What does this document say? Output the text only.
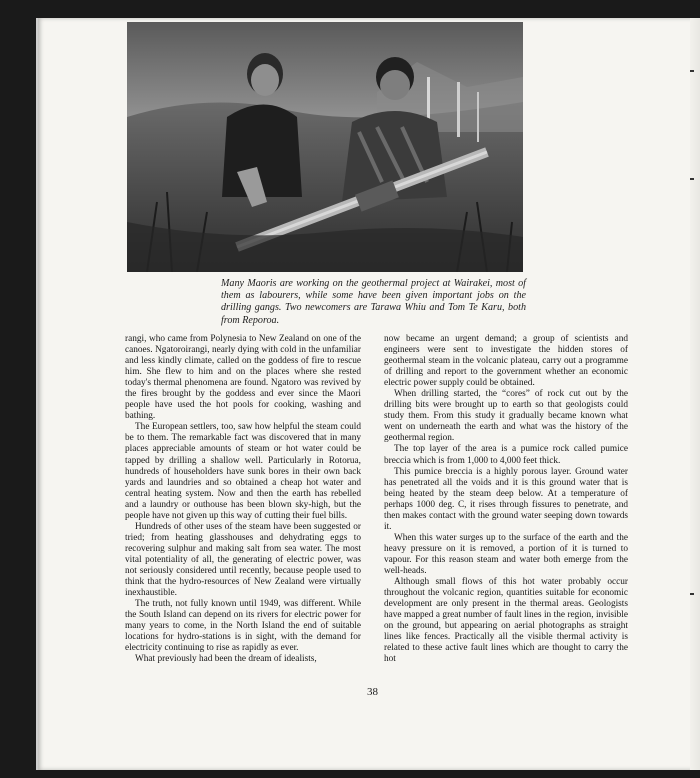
Many Maoris are working on the geothermal project at Wairakei, most of them as labourers, while some have been given important jobs on the drilling gangs. Two newcomers are Tarawa Whiu and Tom Te Karu, both from Reporoa.

rangi, who came from Polynesia to New Zealand on one of the canoes. Ngatoroirangi, nearly dying with cold in the unfamiliar and less kindly climate, called on the goddess of fire to rescue him. She flew to him and on the places where she rested today's thermal phenomena are found. Ngatoro was revived by the fires brought by the goddess and ever since the Maori people have used the hot pools for cooking, washing and bathing.

The European settlers, too, saw how helpful the steam could be to them. The remarkable fact was discovered that in many places appreciable amounts of steam or hot water could be tapped by drilling a shallow well. Particularly in Rotorua, hundreds of householders have sunk bores in their own back yards and laundries and so obtained a cheap hot water and central heating system. Now and then the earth has rebelled and a laundry or outhouse has been blown sky-high, but the people have not given up this way of cutting their fuel bills.

Hundreds of other uses of the steam have been suggested or tried; from heating glasshouses and dehydrating eggs to recovering sulphur and making salt from sea water. The most vital potentiality of all, the generating of electric power, was not seriously considered until recently, because people used to think that the hydro-resources of New Zealand were virtually inexhaustible.

The truth, not fully known until 1949, was different. While the South Island can depend on its rivers for electric power for many years to come, in the North Island the end of suitable locations for hydro-stations is in sight, with the demand for electricity continuing to rise as rapidly as ever.

What previously had been the dream of idealists,

now became an urgent demand; a group of scientists and engineers were sent to investigate the hidden stores of geothermal steam in the volcanic plateau, carry out a programme of drilling and report to the government whether an economic electric power supply could be obtained.

When drilling started, the “cores” of rock cut out by the drilling bits were brought up to earth so that geologists could study them. From this study it gradually became known what went on underneath the earth and what was the history of the geothermal region.

The top layer of the area is a pumice rock called pumice breccia which is from 1,000 to 4,000 feet thick.

This pumice breccia is a highly porous layer. Ground water has penetrated all the voids and it is this ground water that is being heated by the steam deep below. At a temperature of perhaps 1000 deg. C, it rises through fissures to penetrate, and then makes contact with the ground water seeping down towards it.

When this water surges up to the surface of the earth and the heavy pressure on it is removed, a portion of it is turned to vapour. For this reason steam and water both emerge from the well-heads.

Although small flows of this hot water probably occur throughout the volcanic region, quantities suitable for economic development are only present in the thermal areas. Geologists have mapped a great number of fault lines in the region, invisible on the ground, but appearing on aerial photographs as straight lines like fences. Practically all the visible thermal activity is related to these active fault lines which are thought to carry the hot

38
